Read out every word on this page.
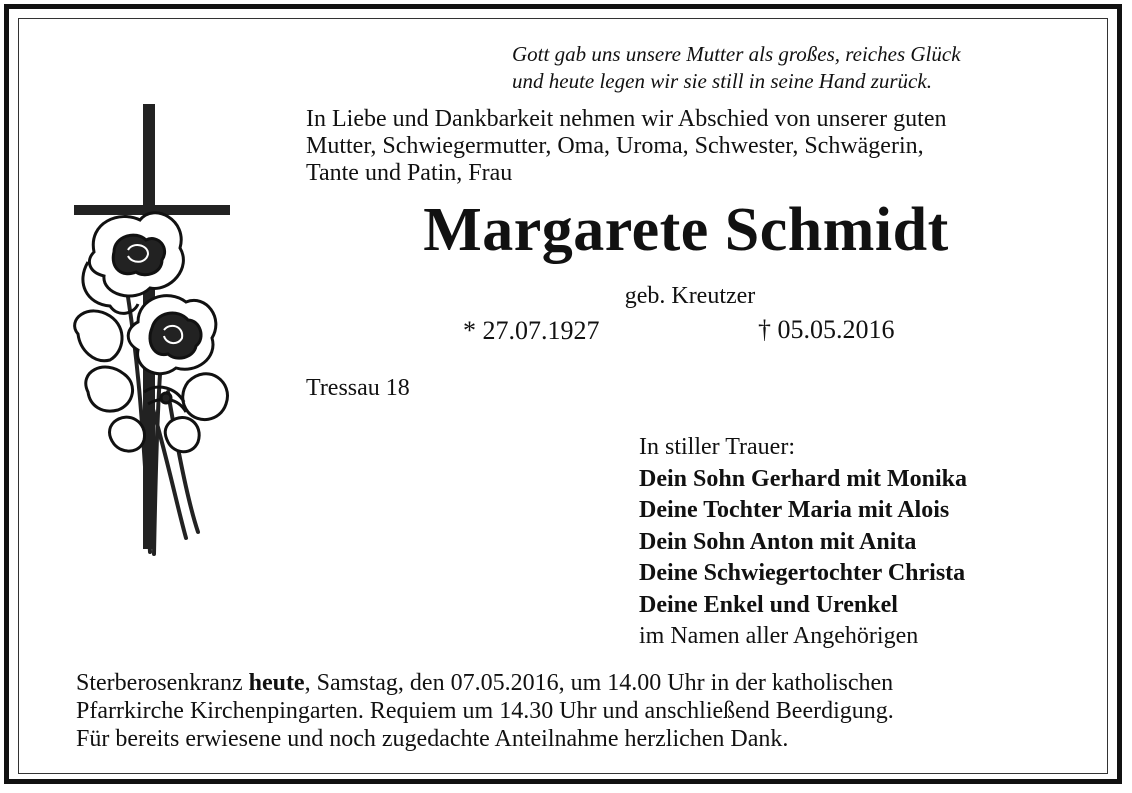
Gott gab uns unsere Mutter als großes, reiches Glück
und heute legen wir sie still in seine Hand zurück.
In Liebe und Dankbarkeit nehmen wir Abschied von unserer guten
Mutter, Schwiegermutter, Oma, Uroma, Schwester, Schwägerin,
Tante und Patin, Frau
Margarete Schmidt
geb. Kreutzer
* 27.07.1927	† 05.05.2016
Tressau 18
In stiller Trauer:
Dein Sohn Gerhard mit Monika
Deine Tochter Maria mit Alois
Dein Sohn Anton mit Anita
Deine Schwiegertochter Christa
Deine Enkel und Urenkel
im Namen aller Angehörigen
Sterberosenkranz heute, Samstag, den 07.05.2016, um 14.00 Uhr in der katholischen
Pfarrkirche Kirchenpingarten. Requiem um 14.30 Uhr und anschließend Beerdigung.
Für bereits erwiesene und noch zugedachte Anteilnahme herzlichen Dank.
